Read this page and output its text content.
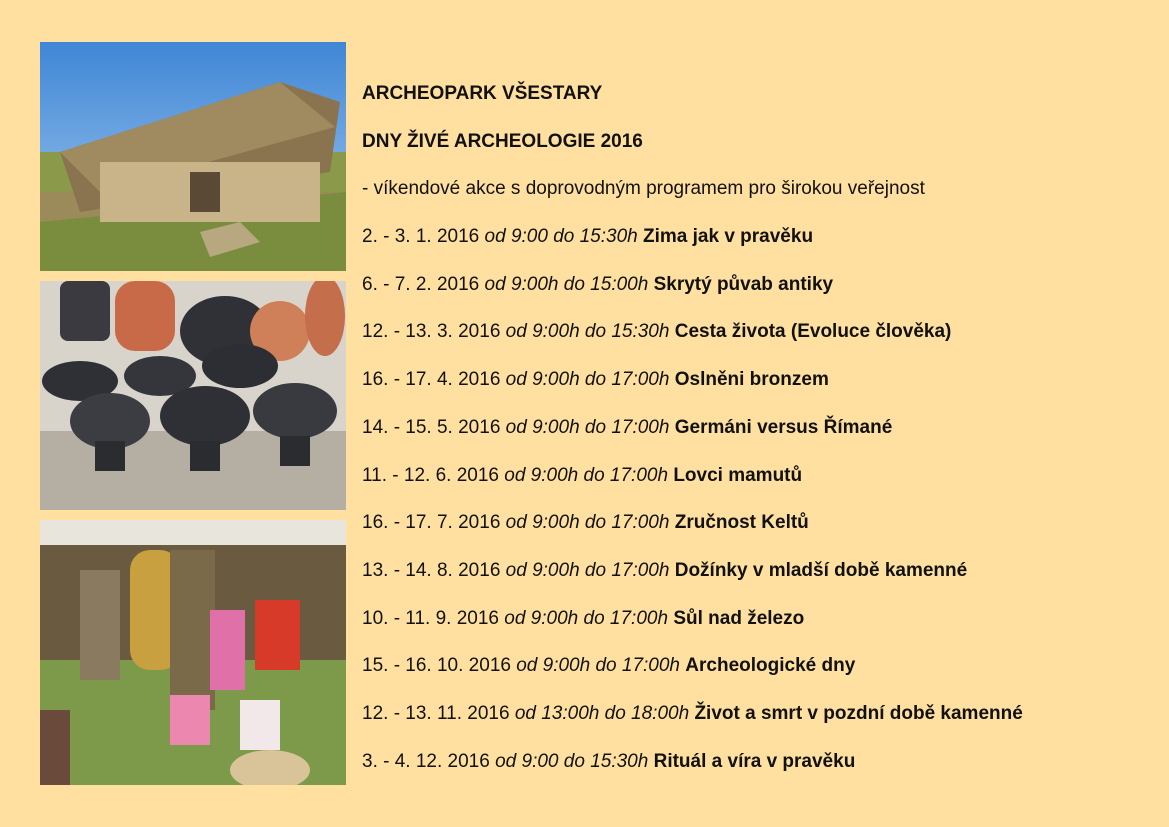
ARCHEOPARK VŠESTARY
DNY ŽIVÉ ARCHEOLOGIE 2016
- víkendové akce s doprovodným programem pro širokou veřejnost
2. - 3. 1. 2016 od 9:00 do 15:30h Zima jak v pravěku
6. - 7. 2. 2016 od 9:00h do 15:00h Skrytý půvab antiky
12. - 13. 3. 2016 od 9:00h do 15:30h Cesta života (Evoluce člověka)
16. - 17. 4. 2016 od 9:00h do 17:00h Oslněni bronzem
14. - 15. 5. 2016 od 9:00h do 17:00h Germáni versus Římané
11. - 12. 6. 2016 od 9:00h do 17:00h Lovci mamutů
16. - 17. 7. 2016 od 9:00h do 17:00h Zručnost Keltů
13. - 14. 8. 2016 od 9:00h do 17:00h Dožínky v mladší době kamenné
10. - 11. 9. 2016 od 9:00h do 17:00h Sůl nad železo
15. - 16. 10. 2016 od 9:00h do 17:00h Archeologické dny
12. - 13. 11. 2016 od 13:00h do 18:00h Život a smrt v pozdní době kamenné
3. - 4. 12. 2016 od 9:00 do 15:30h Rituál a víra v pravěku
